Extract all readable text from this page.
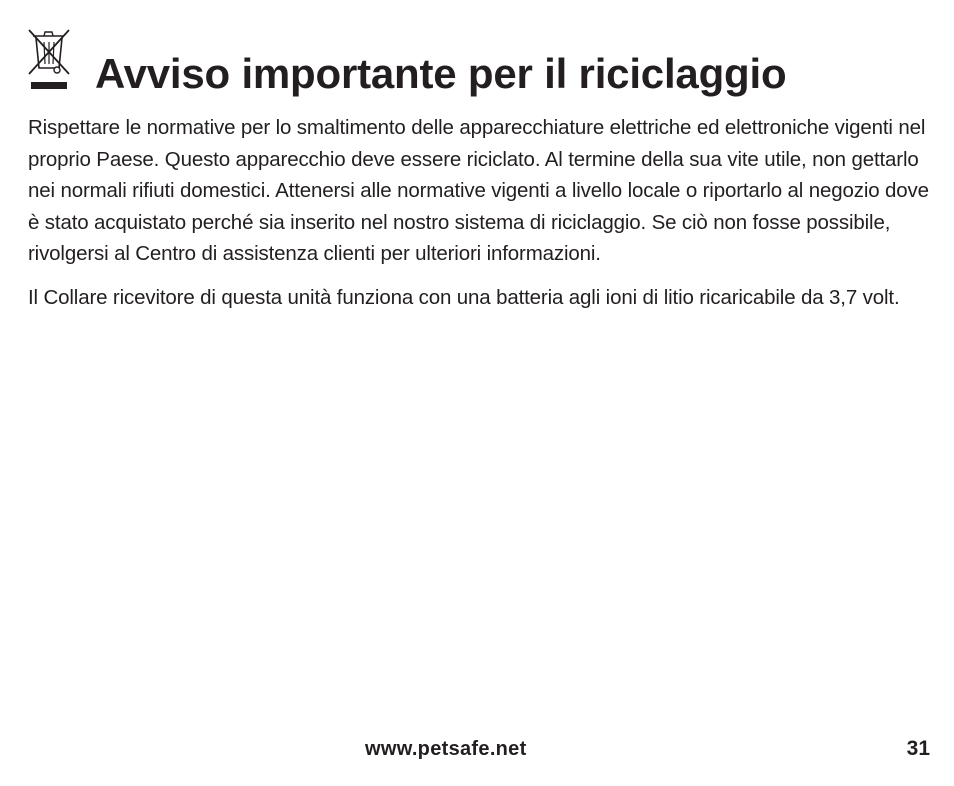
Avviso importante per il riciclaggio

Rispettare le normative per lo smaltimento delle apparecchiature elettriche ed elettroniche vigenti nel proprio Paese. Questo apparecchio deve essere riciclato. Al termine della sua vite utile, non gettarlo nei normali rifiuti domestici. Attenersi alle normative vigenti a livello locale o riportarlo al negozio dove è stato acquistato perché sia inserito nel nostro sistema di riciclaggio. Se ciò non fosse possibile, rivolgersi al Centro di assistenza clienti per ulteriori informazioni.

Il Collare ricevitore di questa unità funziona con una batteria agli ioni di litio ricaricabile da 3,7 volt.

www.petsafe.net	31
